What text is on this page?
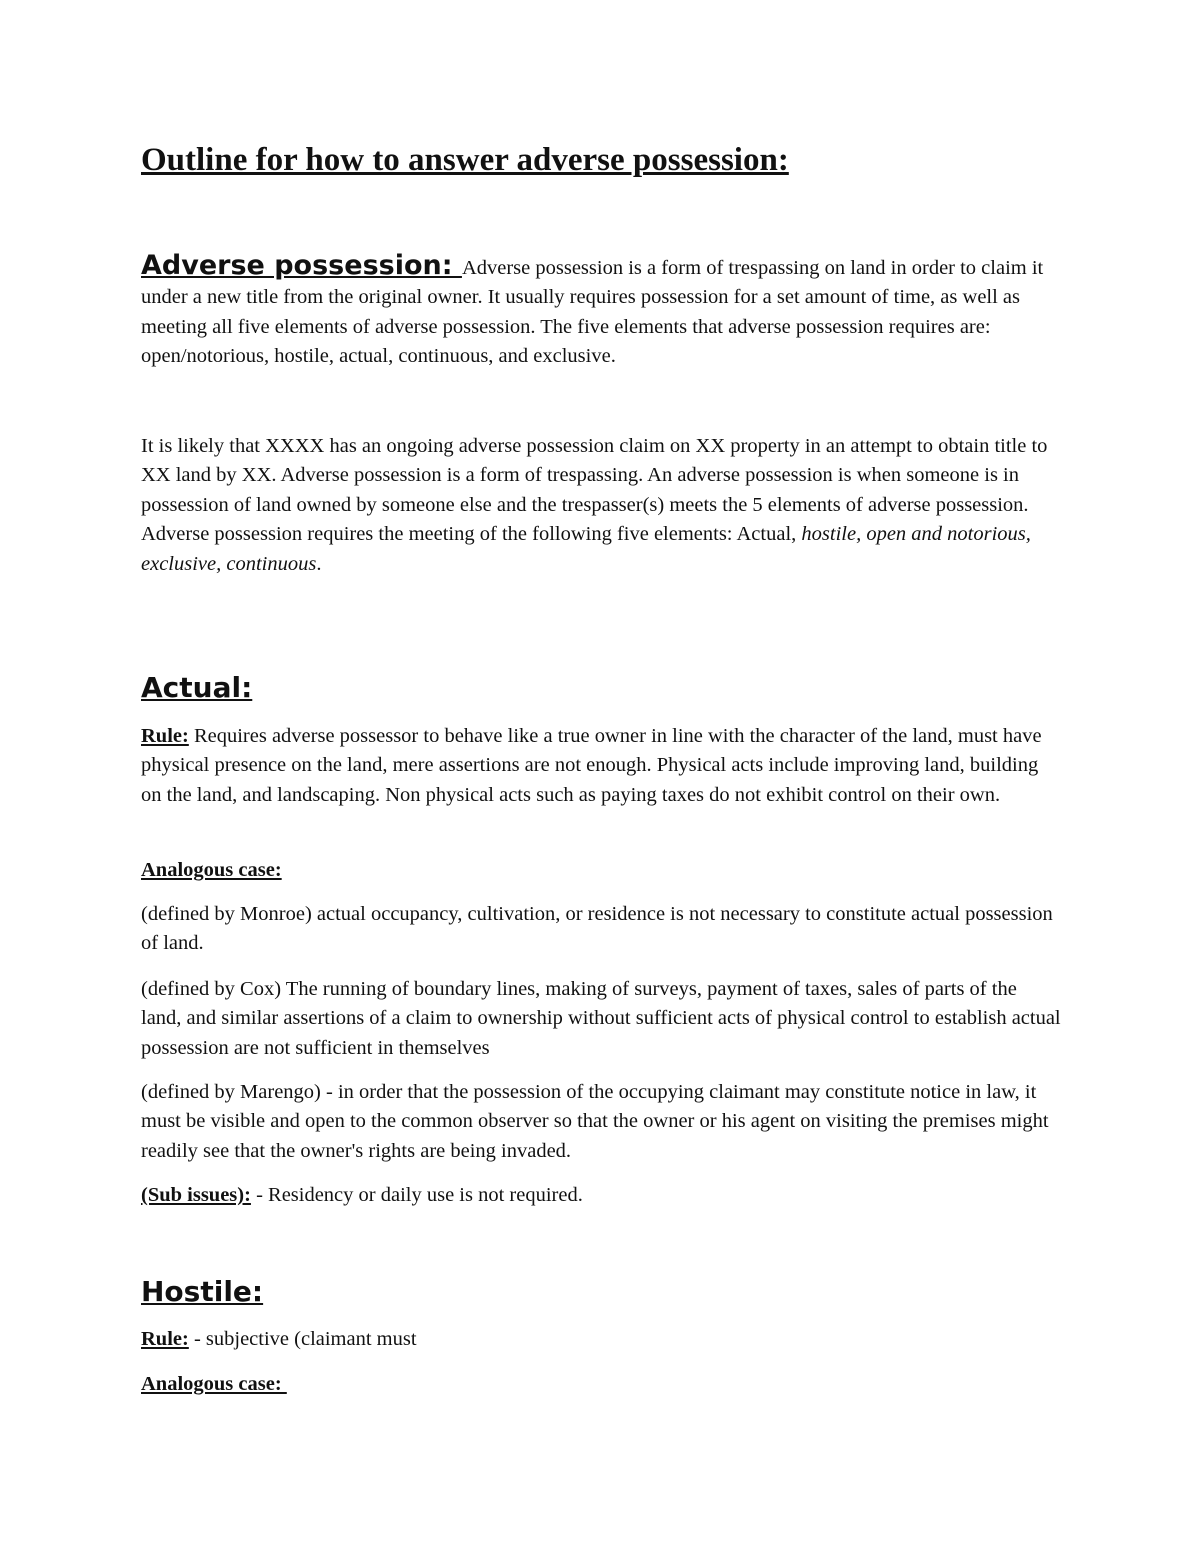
Outline for how to answer adverse possession:

Adverse possession: Adverse possession is a form of trespassing on land in order to claim it under a new title from the original owner. It usually requires possession for a set amount of time, as well as meeting all five elements of adverse possession. The five elements that adverse possession requires are: open/notorious, hostile, actual, continuous, and exclusive.

It is likely that XXXX has an ongoing adverse possession claim on XX property in an attempt to obtain title to XX land by XX. Adverse possession is a form of trespassing. An adverse possession is when someone is in possession of land owned by someone else and the trespasser(s) meets the 5 elements of adverse possession. Adverse possession requires the meeting of the following five elements: Actual, hostile, open and notorious, exclusive, continuous.

Actual:

Rule: Requires adverse possessor to behave like a true owner in line with the character of the land, must have physical presence on the land, mere assertions are not enough. Physical acts include improving land, building on the land, and landscaping. Non physical acts such as paying taxes do not exhibit control on their own.

Analogous case:

(defined by Monroe) actual occupancy, cultivation, or residence is not necessary to constitute actual possession of land.

(defined by Cox) The running of boundary lines, making of surveys, payment of taxes, sales of parts of the land, and similar assertions of a claim to ownership without sufficient acts of physical control to establish actual possession are not sufficient in themselves

(defined by Marengo) - in order that the possession of the occupying claimant may constitute notice in law, it must be visible and open to the common observer so that the owner or his agent on visiting the premises might readily see that the owner's rights are being invaded.

(Sub issues): - Residency or daily use is not required.

Hostile:

Rule: - subjective (claimant must

Analogous case:
